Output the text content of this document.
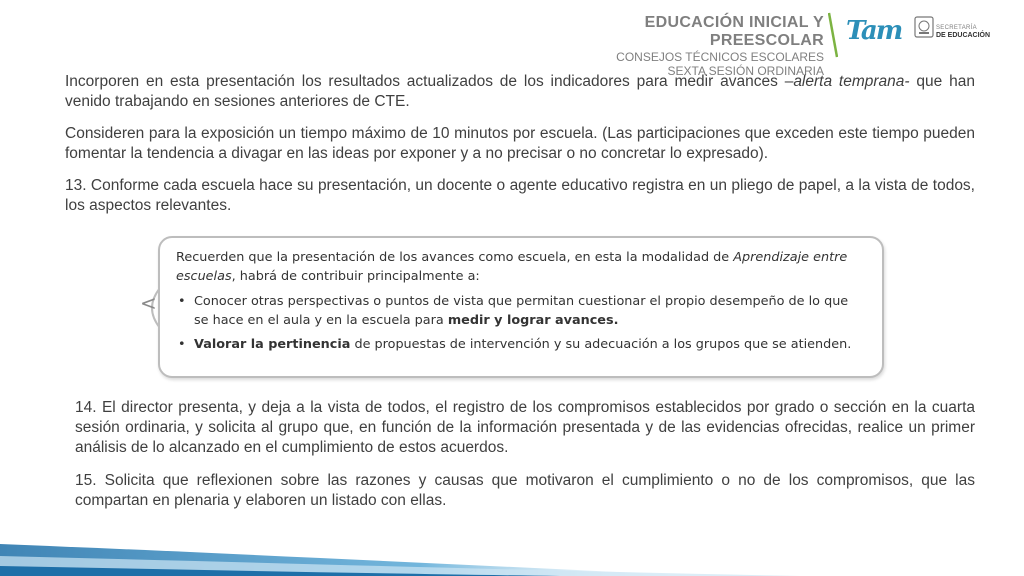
EDUCACIÓN INICIAL Y PREESCOLAR
CONSEJOS TÉCNICOS ESCOLARES
SEXTA SESIÓN ORDINARIA
Tam	SECRETARÍA
DE EDUCACIÓN
Incorporen en esta presentación los resultados actualizados de los indicadores para medir avances –alerta temprana- que han venido trabajando en sesiones anteriores de CTE.
Consideren para la exposición un tiempo máximo de 10 minutos por escuela. (Las participaciones que exceden este tiempo pueden fomentar la tendencia a divagar en las ideas por exponer y a no precisar o no concretar lo expresado).
13. Conforme cada escuela hace su presentación, un docente o agente educativo registra en un pliego de papel, a la vista de todos, los aspectos relevantes.
<

Recuerden que la presentación de los avances como escuela, en esta la modalidad de Aprendizaje entre escuelas, habrá de contribuir principalmente a:

• Conocer otras perspectivas o puntos de vista que permitan cuestionar el propio desempeño de lo que se hace en el aula y en la escuela para medir y lograr avances.
• Valorar la pertinencia de propuestas de intervención y su adecuación a los grupos que se atienden.
14. El director presenta, y deja a la vista de todos, el registro de los compromisos establecidos por grado o sección en la cuarta sesión ordinaria, y solicita al grupo que, en función de la información presentada y de las evidencias ofrecidas, realice un primer análisis de lo alcanzado en el cumplimiento de estos acuerdos.
15. Solicita que reflexionen sobre las razones y causas que motivaron el cumplimiento o no de los compromisos, que las compartan en plenaria y elaboren un listado con ellas.
